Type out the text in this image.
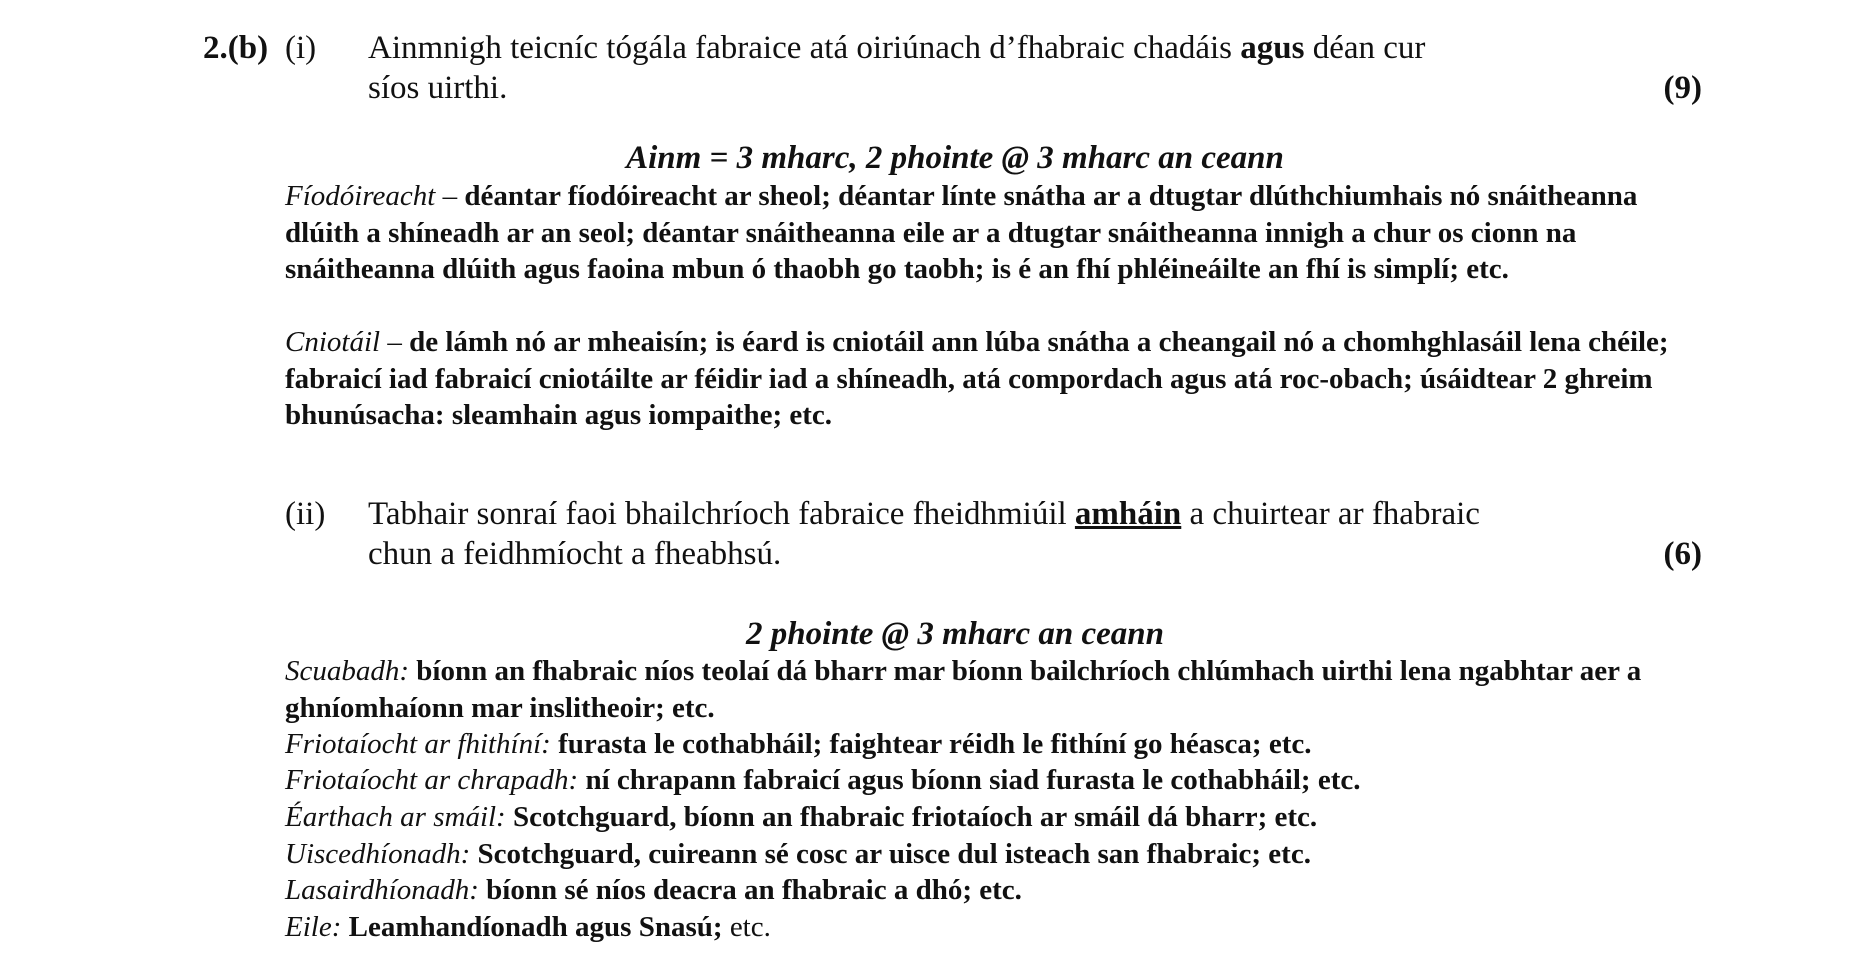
2.(b) (i) Ainmnigh teicníc tógála fabraice atá oiriúnach d’fhabraic chadáis agus déan cur
síos uirthi.	(9)
Ainm = 3 mharc, 2 phointe @ 3 mharc an ceann
Fíodóireacht – déantar fíodóireacht ar sheol; déantar línte snátha ar a dtugtar dlúthchiumhais nó snáitheanna dlúith a shíneadh ar an seol; déantar snáitheanna eile ar a dtugtar snáitheanna innigh a chur os cionn na snáitheanna dlúith agus faoina mbun ó thaobh go taobh; is é an fhí phléineáilte an fhí is simplí; etc.
Cniotáil – de lámh nó ar mheaisín; is éard is cniotáil ann lúba snátha a cheangail nó a chomhghlasáil lena chéile; fabraicí iad fabraicí cniotáilte ar féidir iad a shíneadh, atá compordach agus atá roc-obach; úsáidtear 2 ghreim bhunúsacha: sleamhain agus iompaithe; etc.
(ii) Tabhair sonraí faoi bhailchríoch fabraice fheidhmiúil amháin a chuirtear ar fhabraic
chun a feidhmíocht a fheabhsú.	(6)
2 phointe @ 3 mharc an ceann
Scuabadh: bíonn an fhabraic níos teolaí dá bharr mar bíonn bailchríoch chlúmhach uirthi lena ngabhtar aer a ghníomhaíonn mar inslitheoir; etc.
Friotaíocht ar fhithíní: furasta le cothabháil; faightear réidh le fithíní go héasca; etc.
Friotaíocht ar chrapadh: ní chrapann fabraicí agus bíonn siad furasta le cothabháil; etc.
Éarthach ar smáil: Scotchguard, bíonn an fhabraic friotaíoch ar smáil dá bharr; etc.
Uiscedhíonadh: Scotchguard, cuireann sé cosc ar uisce dul isteach san fhabraic; etc.
Lasairdhíonadh: bíonn sé níos deacra an fhabraic a dhó; etc.
Eile: Leamhandíonadh agus Snasú; etc.
